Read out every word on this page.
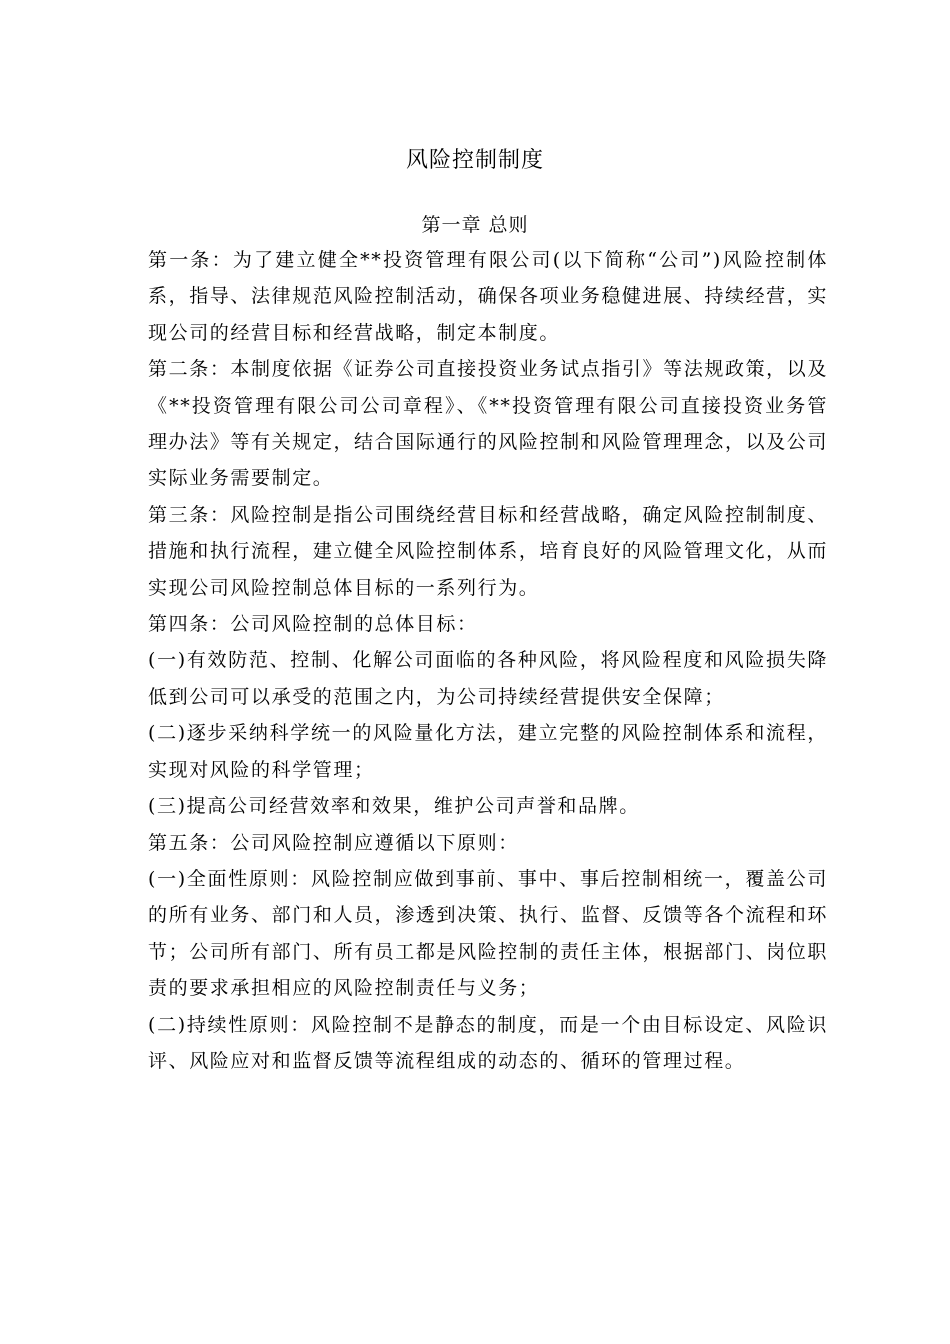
风险控制制度
第一章 总则

第一条：为了建立健全**投资管理有限公司(以下简称“公司”)风险控制体系，指导、法律规范风险控制活动，确保各项业务稳健进展、持续经营，实现公司的经营目标和经营战略，制定本制度。

第二条：本制度依据《证券公司直接投资业务试点指引》等法规政策，以及《**投资管理有限公司公司章程》、《**投资管理有限公司直接投资业务管理办法》等有关规定，结合国际通行的风险控制和风险管理理念，以及公司实际业务需要制定。

第三条：风险控制是指公司围绕经营目标和经营战略，确定风险控制制度、措施和执行流程，建立健全风险控制体系，培育良好的风险管理文化，从而实现公司风险控制总体目标的一系列行为。

第四条：公司风险控制的总体目标：

(一)有效防范、控制、化解公司面临的各种风险，将风险程度和风险损失降低到公司可以承受的范围之内，为公司持续经营提供安全保障；

(二)逐步采纳科学统一的风险量化方法，建立完整的风险控制体系和流程，实现对风险的科学管理；

(三)提高公司经营效率和效果，维护公司声誉和品牌。

第五条：公司风险控制应遵循以下原则：

(一)全面性原则：风险控制应做到事前、事中、事后控制相统一，覆盖公司的所有业务、部门和人员，渗透到决策、执行、监督、反馈等各个流程和环节；公司所有部门、所有员工都是风险控制的责任主体，根据部门、岗位职责的要求承担相应的风险控制责任与义务；

(二)持续性原则：风险控制不是静态的制度，而是一个由目标设定、风险识评、风险应对和监督反馈等流程组成的动态的、循环的管理过程。
